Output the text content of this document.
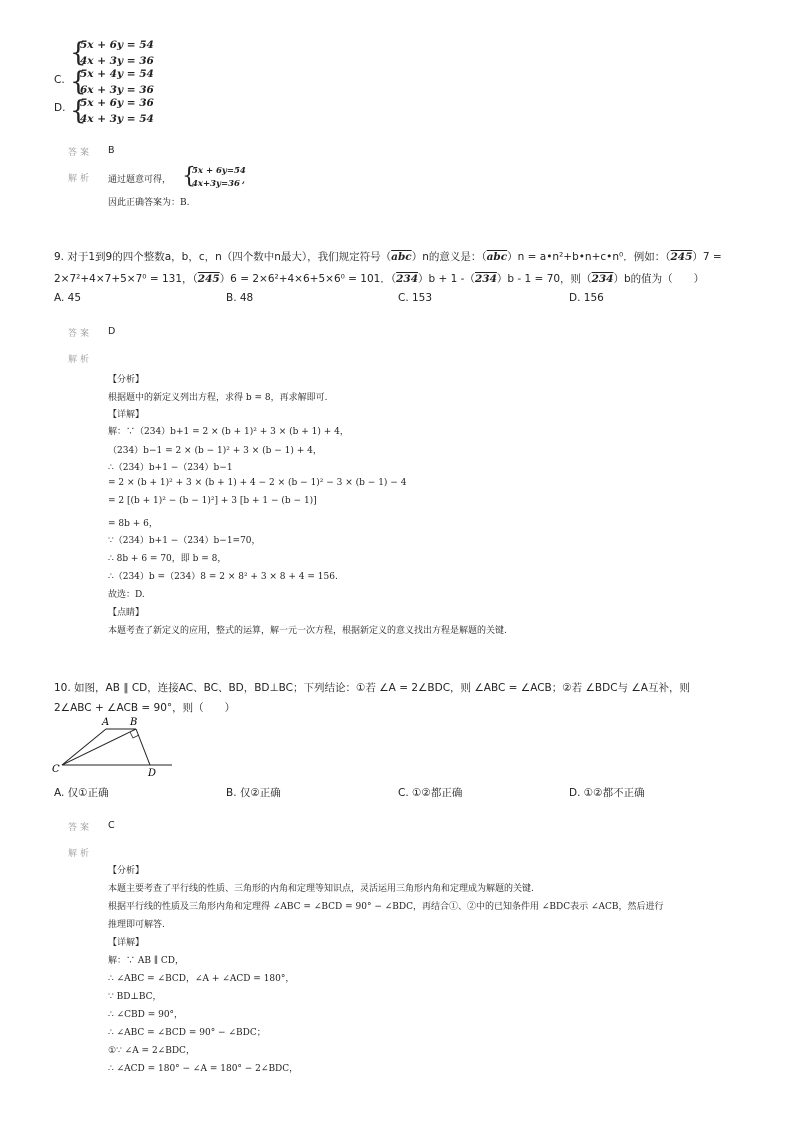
{
5x + 6y = 54
4x + 3y = 36
C. {
5x + 4y = 54
6x + 3y = 36
D. {
5x + 6y = 36
4x + 3y = 54
答案 B
解析 通过题意可得， {
5x + 6y=54
4x+3y=36 ,
因此正确答案为：B.
9. 对于1到9的四个整数a，b，c，n（四个数中n最大），我们规定符号$(\overline{abc})n$的意义是：$(\overline{abc})n$ = a•n²+b•n+c•n⁰．例如：（245）7 =
2×7²+4×7+5×7⁰ = 131，（245）6 = 2×6²+4×6+5×6⁰ = 101．（234）b + 1 -（234）b - 1 = 70，则（234）b的值为（　　）
A. 45	B. 48	C. 153	D. 156
答案 D
解析
【分析】
根据题中的新定义列出方程，求得 b = 8，再求解即可.
【详解】
解：∵（234）b+1 = 2 × (b + 1)² + 3 × (b + 1) + 4，
（234）b−1 = 2 × (b − 1)² + 3 × (b − 1) + 4，
∴（234）b+1 −（234）b−1
= 2 × (b + 1)² + 3 × (b + 1) + 4 − 2 × (b − 1)² − 3 × (b − 1) − 4
= 2 [(b + 1)² − (b − 1)²] + 3 [b + 1 − (b − 1)]
= 8b + 6，
∵（234）b+1 −（234）b−1=70，
∴ 8b + 6 = 70，即 b = 8，
∴（234）b =（234）8 = 2 × 8² + 3 × 8 + 4 = 156.
故选：D.
【点睛】
本题考查了新定义的应用，整式的运算，解一元一次方程，根据新定义的意义找出方程是解题的关键.
10. 如图，AB ∥ CD，连接AC、BC、BD，BD⊥BC；下列结论：①若 ∠A = 2∠BDC，则 ∠ABC = ∠ACB；②若 ∠BDC与 ∠A互补，则
2∠ABC + ∠ACB = 90°，则（　　）
A B
C	D
A. 仅①正确	B. 仅②正确	C. ①②都正确	D. ①②都不正确
答案 C
解析
【分析】
本题主要考查了平行线的性质、三角形的内角和定理等知识点，灵活运用三角形内角和定理成为解题的关键.
根据平行线的性质及三角形内角和定理得 ∠ABC = ∠BCD = 90° − ∠BDC，再结合①、②中的已知条件用 ∠BDC表示 ∠ACB，然后进行
推理即可解答.
【详解】
解：∵ AB ∥ CD，
∴ ∠ABC = ∠BCD，∠A + ∠ACD = 180°，
∵ BD⊥BC，
∴ ∠CBD = 90°，
∴ ∠ABC = ∠BCD = 90° − ∠BDC；
①∵ ∠A = 2∠BDC，
∴ ∠ACD = 180° − ∠A = 180° − 2∠BDC，
